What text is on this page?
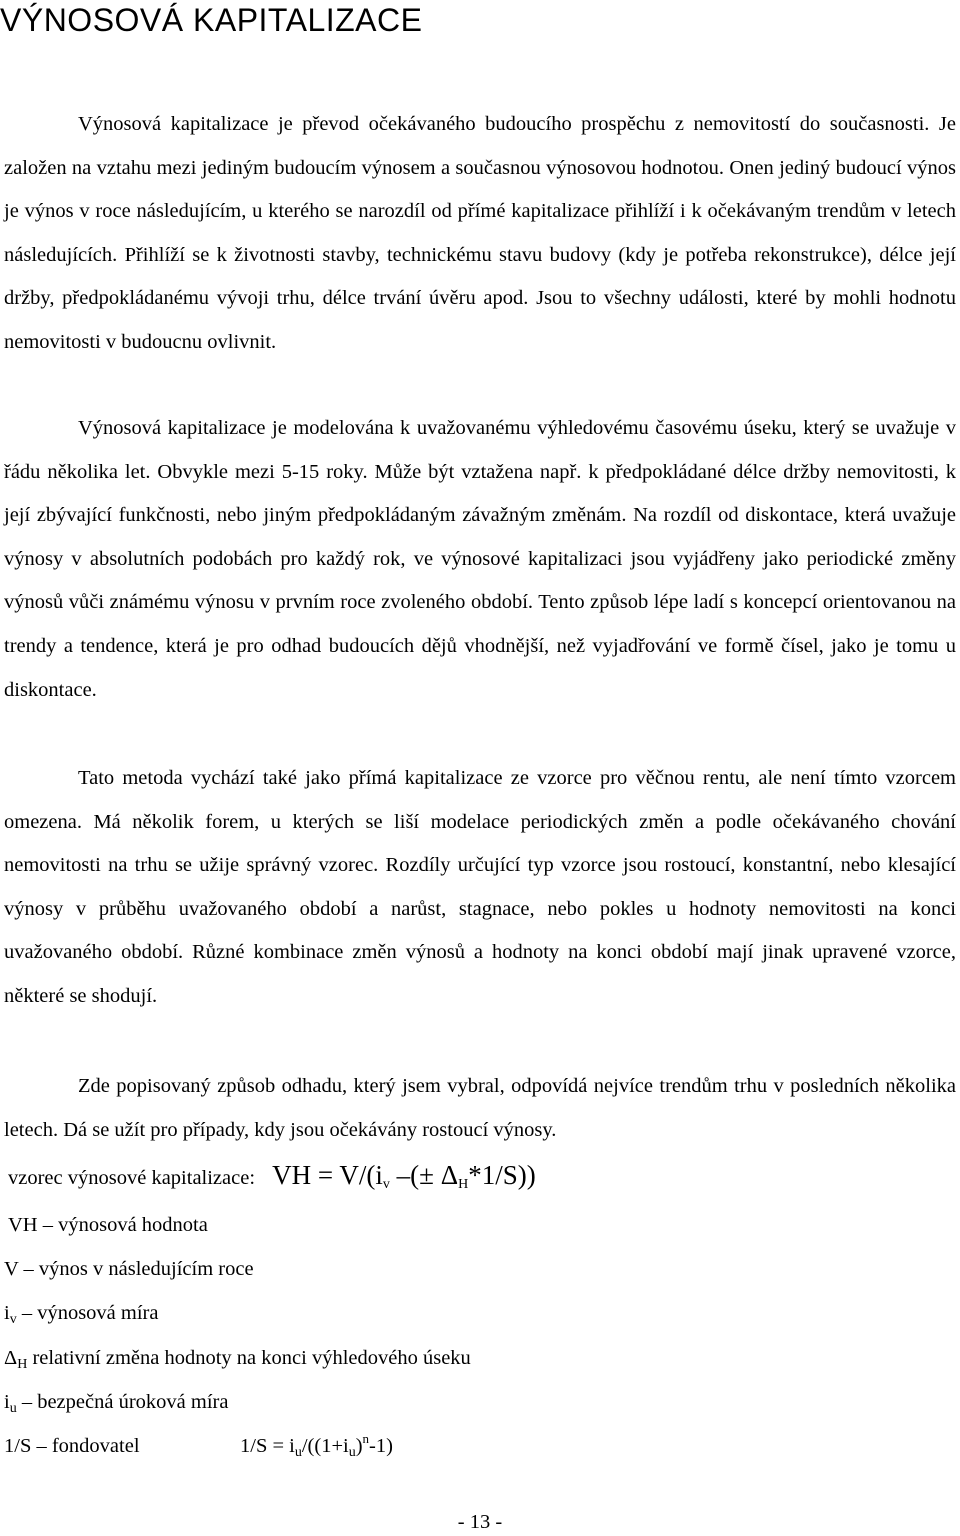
VÝNOSOVÁ KAPITALIZACE

Výnosová kapitalizace je převod očekávaného budoucího prospěchu z nemovitostí do současnosti. Je založen na vztahu mezi jediným budoucím výnosem a současnou výnosovou hodnotou. Onen jediný budoucí výnos je výnos v roce následujícím, u kterého se narozdíl od přímé kapitalizace přihlíží i k očekávaným trendům v letech následujících. Přihlíží se k životnosti stavby, technickému stavu budovy (kdy je potřeba rekonstrukce), délce její držby, předpokládanému vývoji trhu, délce trvání úvěru apod. Jsou to všechny události, které by mohli hodnotu nemovitosti v budoucnu ovlivnit.

Výnosová kapitalizace je modelována k uvažovanému výhledovému časovému úseku, který se uvažuje v řádu několika let. Obvykle mezi 5-15 roky. Může být vztažena např. k předpokládané délce držby nemovitosti, k její zbývající funkčnosti, nebo jiným předpokládaným závažným změnám. Na rozdíl od diskontace, která uvažuje výnosy v absolutních podobách pro každý rok, ve výnosové kapitalizaci jsou vyjádřeny jako periodické změny výnosů vůči známému výnosu v prvním roce zvoleného období. Tento způsob lépe ladí s koncepcí orientovanou na trendy a tendence, která je pro odhad budoucích dějů vhodnější, než vyjadřování ve formě čísel, jako je tomu u diskontace.

Tato metoda vychází také jako přímá kapitalizace ze vzorce pro věčnou rentu, ale není tímto vzorcem omezena. Má několik forem, u kterých se liší modelace periodických změn a podle očekávaného chování nemovitosti na trhu se užije správný vzorec. Rozdíly určující typ vzorce jsou rostoucí, konstantní, nebo klesající výnosy v průběhu uvažovaného období a narůst, stagnace, nebo pokles u hodnoty nemovitosti na konci uvažovaného období. Různé kombinace změn výnosů a hodnoty na konci období mají jinak upravené vzorce, některé se shodují.

Zde popisovaný způsob odhadu, který jsem vybral, odpovídá nejvíce trendům trhu v posledních několika letech. Dá se užít pro případy, kdy jsou očekávány rostoucí výnosy.

vzorec výnosové kapitalizace: VH = $V/(i_v$ –(± $\Delta_H*1/S$))
VH – výnosová hodnota
V – výnos v následujícím roce
$i_v$ – výnosová míra
$\Delta_H$ relativní změna hodnoty na konci výhledového úseku
$i_u$ – bezpečná úroková míra
1/S – fondovatel	$1/S = i_u/((1+i_u)^n-1)$
- 13 -
